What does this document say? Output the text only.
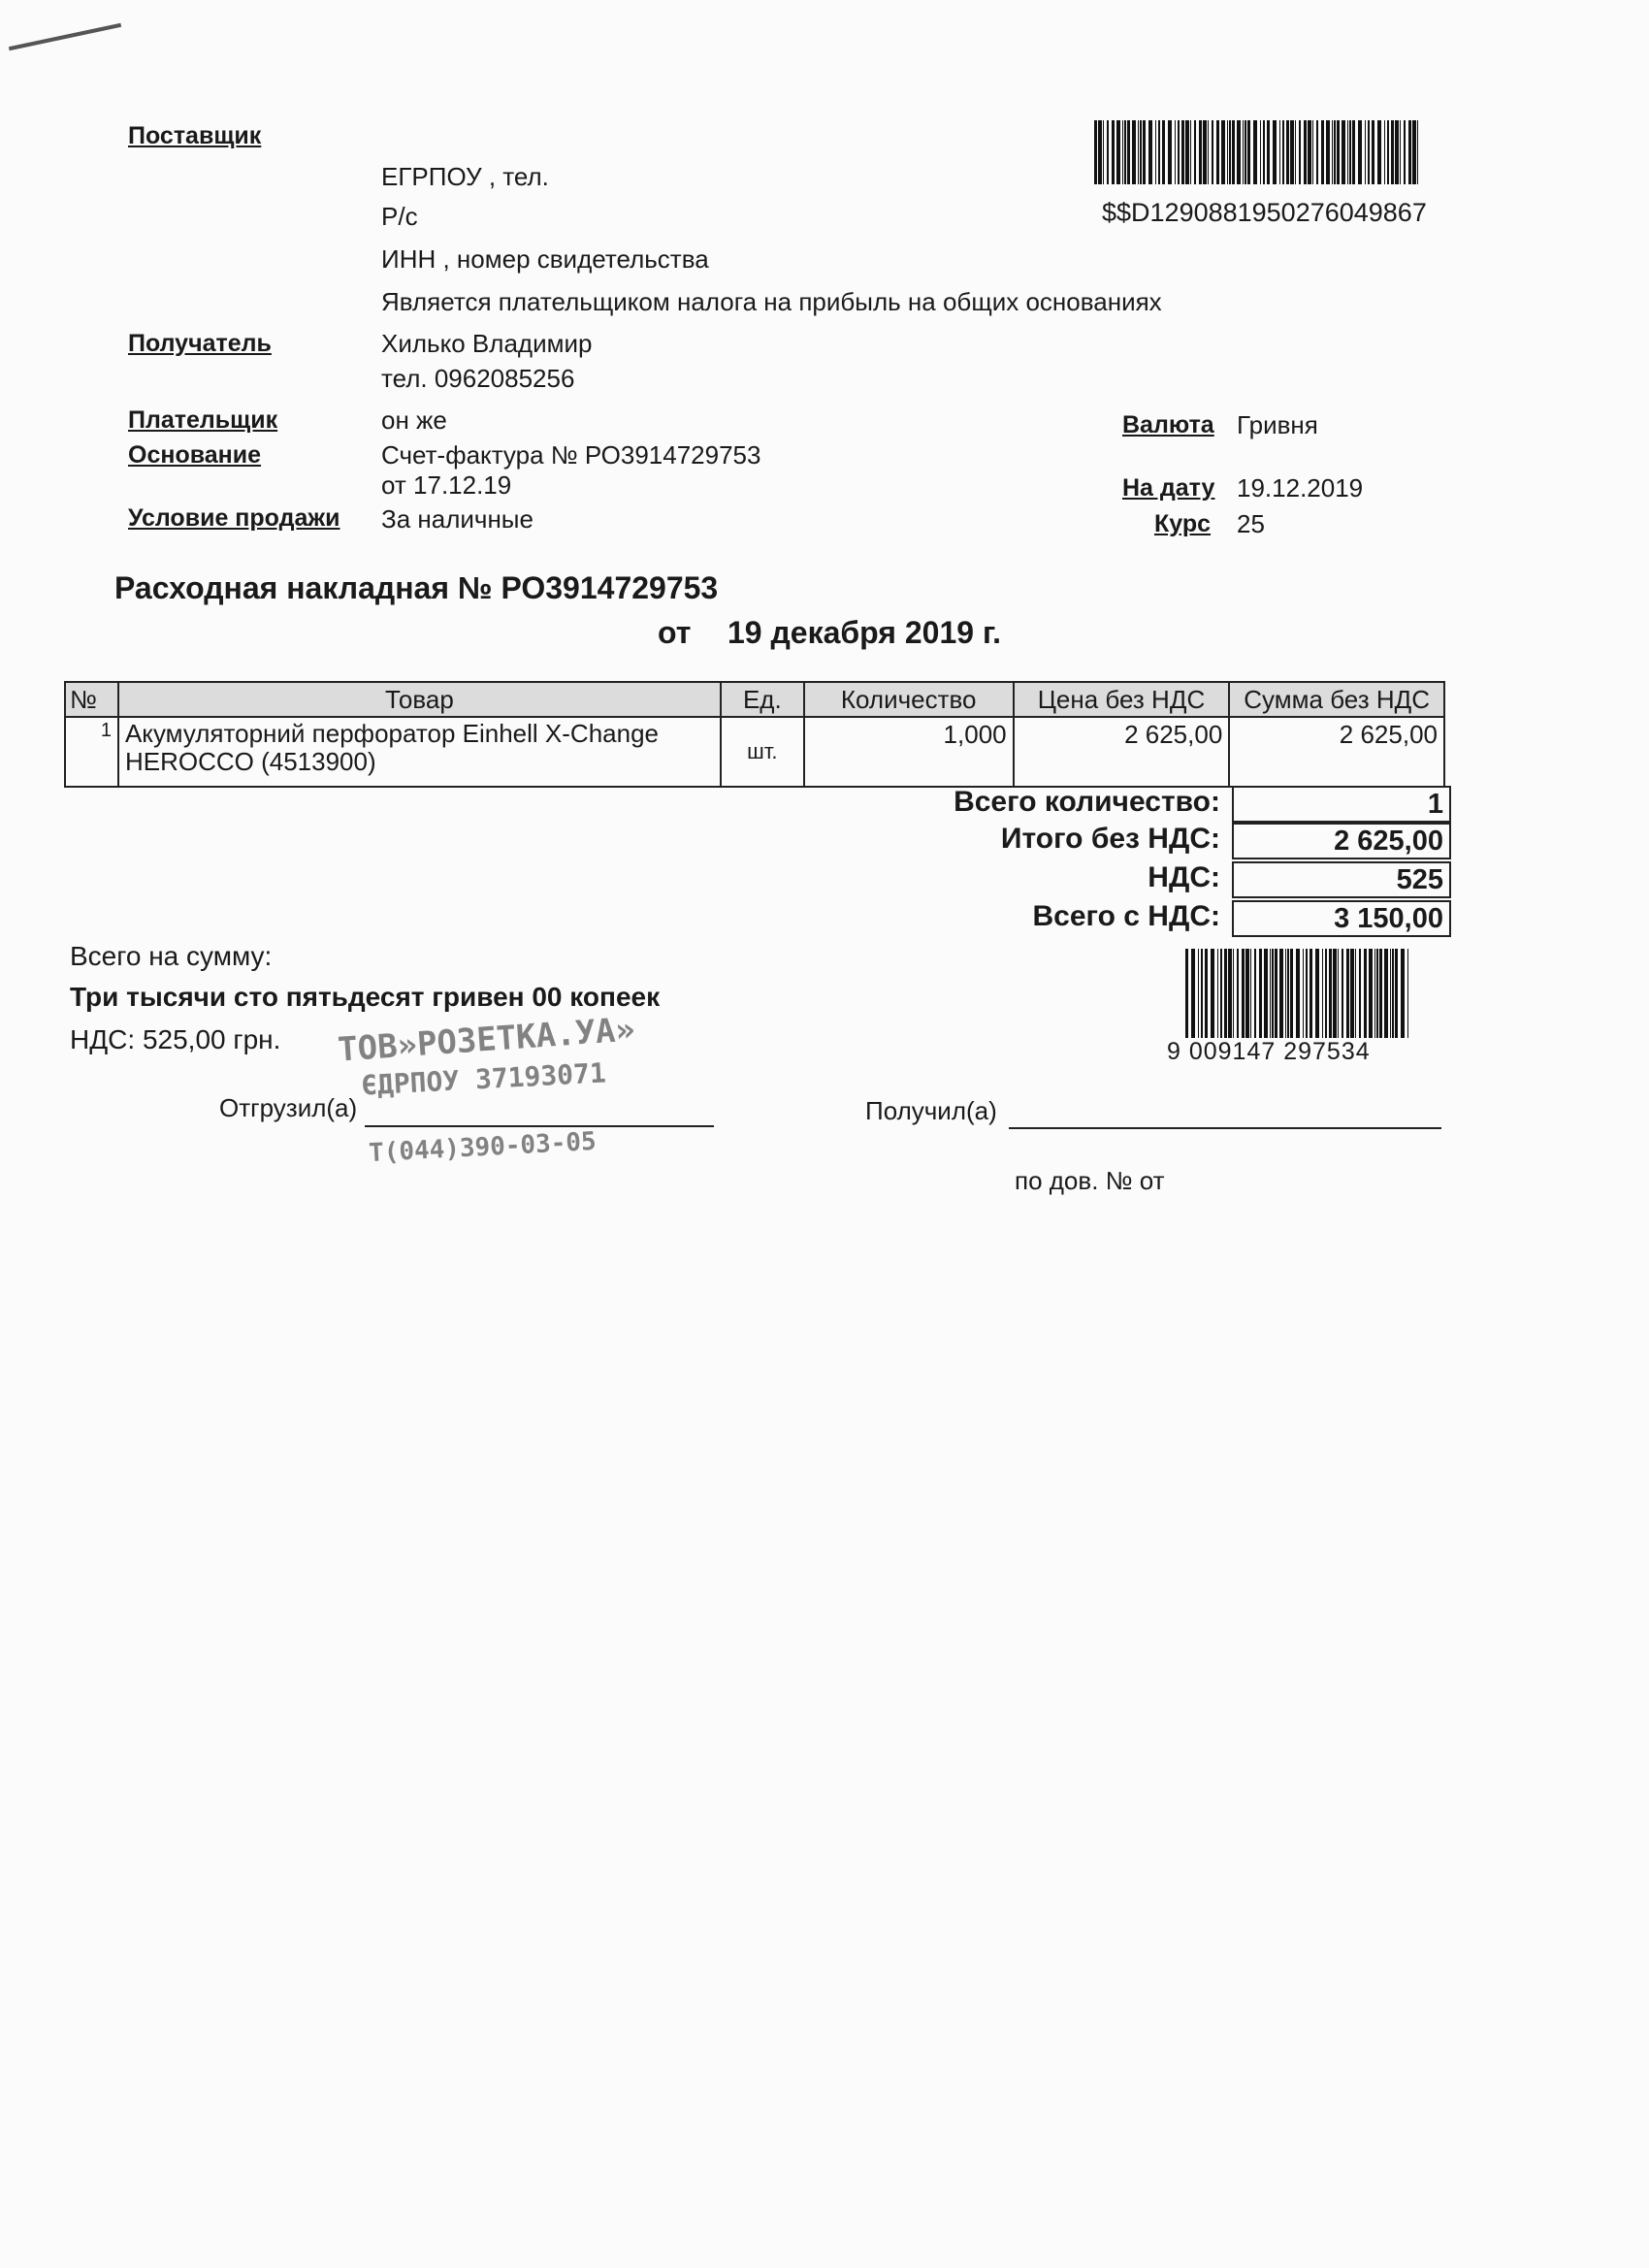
Поставщик
ЕГРПОУ , тел.
Р/с
ИНН , номер свидетельства
Является плательщиком налога на прибыль на общих основаниях
$$D1290881950276049867
Получатель	Хилько Владимир
тел. 0962085256
Плательщик	он же
Основание	Счет-фактура № РО3914729753
от 17.12.19
Условие продажи За наличные
Валюта Гривня
На дату 19.12.2019
Курс 25
Расходная накладная № РО3914729753
от 19 декабря 2019 г.
№	Товар	Ед.	Количество	Цена без НДС	Сумма без НДС
1	Акумуляторний перфоратор Einhell X-Change
HEROCCO (4513900)	шт.	1,000	2 625,00	2 625,00
Всего количество:	1
Итого без НДС:	2 625,00
НДС:	525
Всего с НДС:	3 150,00
Всего на сумму:
Три тысячи сто пятьдесят гривен 00 копеек
НДС: 525,00 грн.	9 009147 297534
Отгрузил(а)	Получил(а)
по дов. № от
ТОВ»РОЗЕТКА.УА»
ЄДРПОУ 37193071
Т(044)390-03-05
